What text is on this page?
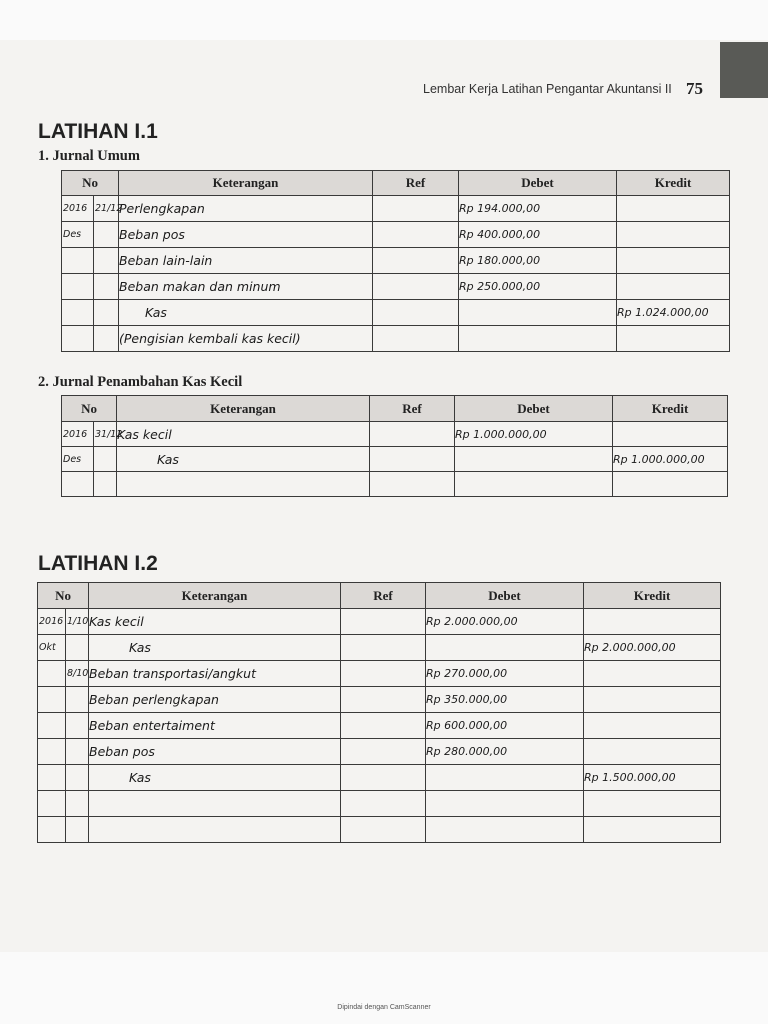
Lembar Kerja Latihan Pengantar Akuntansi II 75
LATIHAN I.1
1. Jurnal Umum
No		Keterangan	Ref	Debet	Kredit
2016	21/12	Perlengkapan		Rp 194.000,00	
Des		Beban pos		Rp 400.000,00	
		Beban lain-lain		Rp 180.000,00	
		Beban makan dan minum		Rp 250.000,00	
		Kas			Rp 1.024.000,00
		(Pengisian kembali kas kecil)			
2. Jurnal Penambahan Kas Kecil
No		Keterangan	Ref	Debet	Kredit
2016	31/12	Kas kecil		Rp 1.000.000,00	
Des		Kas			Rp 1.000.000,00

LATIHAN I.2
No		Keterangan	Ref	Debet	Kredit
2016	1/10	Kas kecil		Rp 2.000.000,00	
Okt		Kas			Rp 2.000.000,00
	8/10	Beban transportasi/angkut		Rp 270.000,00	
		Beban perlengkapan		Rp 350.000,00	
		Beban entertaiment		Rp 600.000,00	
		Beban pos		Rp 280.000,00	
		Kas			Rp 1.500.000,00

Dipindai dengan CamScanner
